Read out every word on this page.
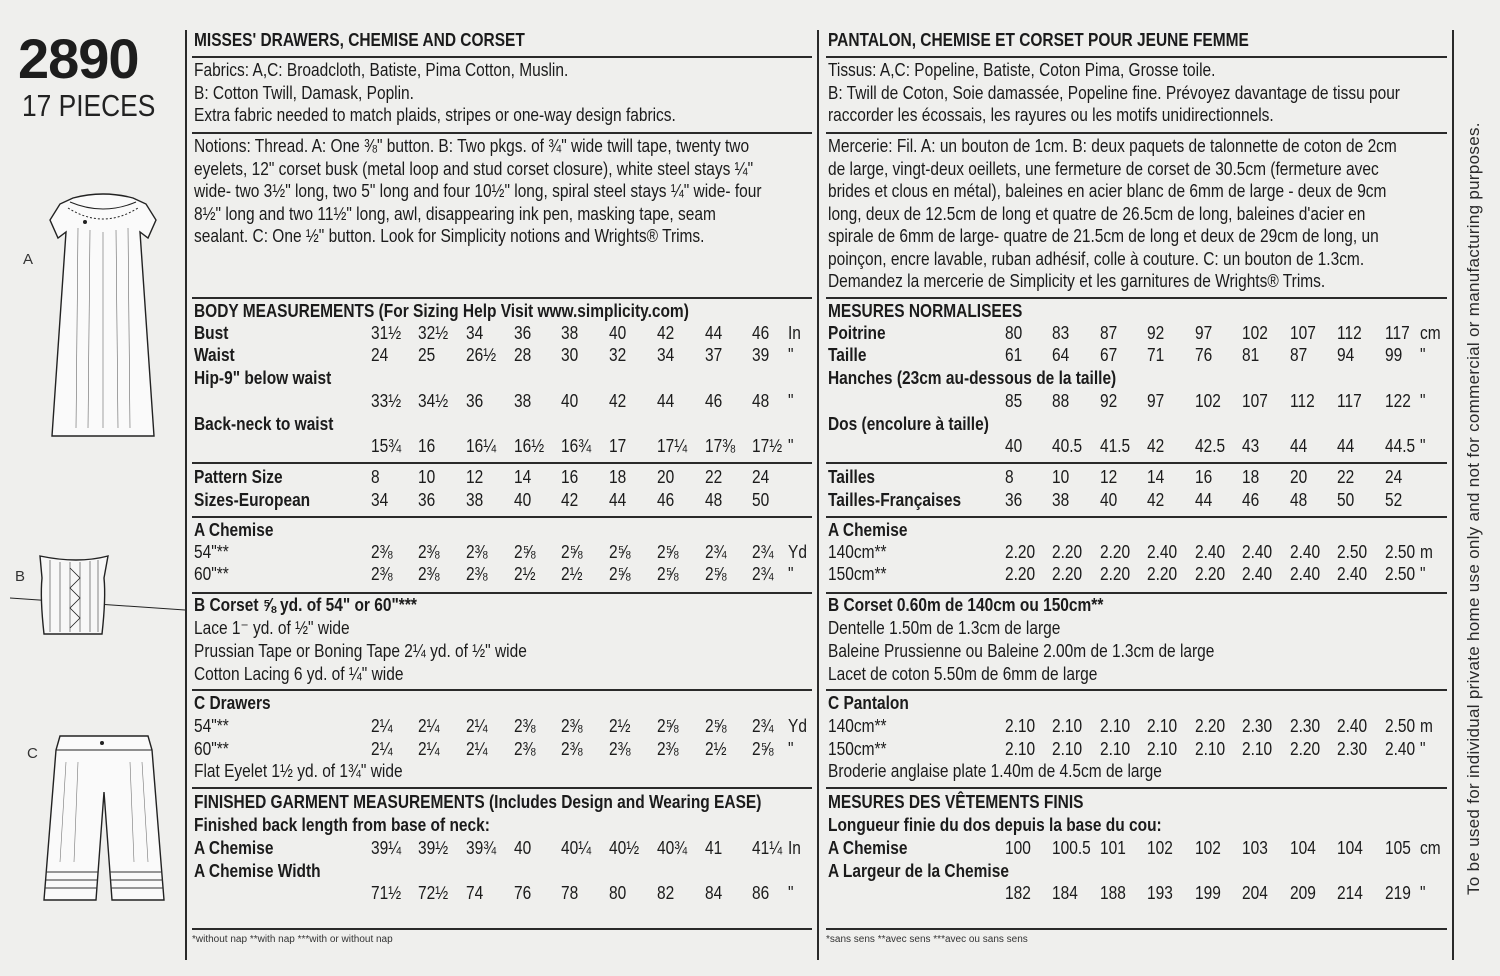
2890
17 PIECES
A
B
C	To be used for individual private home use only and not for commercial or manufacturing purposes.
MISSES' DRAWERS, CHEMISE AND CORSET
Fabrics: A,C: Broadcloth, Batiste, Pima Cotton, Muslin.
B: Cotton Twill, Damask, Poplin.
Extra fabric needed to match plaids, stripes or one-way design fabrics.
Notions: Thread. A: One ⅜" button. B: Two pkgs. of ¾" wide twill tape, twenty two
eyelets, 12" corset busk (metal loop and stud corset closure), white steel stays ¼"
wide- two 3½" long, two 5" long and four 10½" long, spiral steel stays ¼" wide- four
8½" long and two 11½" long, awl, disappearing ink pen, masking tape, seam
sealant. C: One ½" button. Look for Simplicity notions and Wrights® Trims.
BODY MEASUREMENTS (For Sizing Help Visit www.simplicity.com)
Bust	31½ 32½ 34 36 38 40 42 44 46 In
Waist	24 25 26½ 28 30 32 34 37 39 "
Hip-9" below waist
33½ 34½ 36 38 40 42 44 46 48 "
Back-neck to waist
15¾ 16 16¼ 16½ 16¾ 17 17¼ 17⅜ 17½ "
Pattern Size	8 10 12 14 16 18 20 22 24
Sizes-European	34 36 38 40 42 44 46 48 50
A Chemise
54"**	2⅜ 2⅜ 2⅜ 2⅝ 2⅝ 2⅝ 2⅝ 2¾ 2¾ Yd
60"**	2⅜ 2⅜ 2⅜ 2½ 2½ 2⅝ 2⅝ 2⅝ 2¾ "
B Corset ⅝ yd. of 54" or 60"***
Lace 1⁻ yd. of ½" wide
Prussian Tape or Boning Tape 2¼ yd. of ½" wide
Cotton Lacing 6 yd. of ¼" wide
C Drawers
54"**	2¼ 2¼ 2¼ 2⅜ 2⅜ 2½ 2⅝ 2⅝ 2¾ Yd
60"**	2¼ 2¼ 2¼ 2⅜ 2⅜ 2⅜ 2⅜ 2½ 2⅝ "
Flat Eyelet 1½ yd. of 1¾" wide
FINISHED GARMENT MEASUREMENTS (Includes Design and Wearing EASE)
Finished back length from base of neck:
A Chemise	39¼ 39½ 39¾ 40 40¼ 40½ 40¾ 41 41¼ In
A Chemise Width
71½ 72½ 74 76 78 80 82 84 86 "
*without nap **with nap ***with or without nap
PANTALON, CHEMISE ET CORSET POUR JEUNE FEMME
Tissus: A,C: Popeline, Batiste, Coton Pima, Grosse toile.
B: Twill de Coton, Soie damassée, Popeline fine. Prévoyez davantage de tissu pour
raccorder les écossais, les rayures ou les motifs unidirectionnels.
Mercerie: Fil. A: un bouton de 1cm. B: deux paquets de talonnette de coton de 2cm
de large, vingt-deux oeillets, une fermeture de corset de 30.5cm (fermeture avec
brides et clous en métal), baleines en acier blanc de 6mm de large - deux de 9cm
long, deux de 12.5cm de long et quatre de 26.5cm de long, baleines d'acier en
spirale de 6mm de large- quatre de 21.5cm de long et deux de 29cm de long, un
poinçon, encre lavable, ruban adhésif, colle à couture. C: un bouton de 1.3cm.
Demandez la mercerie de Simplicity et les garnitures de Wrights® Trims.
MESURES NORMALISEES
Poitrine	80 83 87 92 97 102 107 112 117 cm
Taille	61 64 67 71 76 81 87 94 99 "
Hanches (23cm au-dessous de la taille)
85 88 92 97 102 107 112 117 122 "
Dos (encolure à taille)
40 40.5 41.5 42 42.5 43 44 44 44.5 "
Tailles	8 10 12 14 16 18 20 22 24
Tailles-Françaises 36 38 40 42 44 46 48 50 52
A Chemise
140cm**	2.20 2.20 2.20 2.40 2.40 2.40 2.40 2.50 2.50 m
150cm**	2.20 2.20 2.20 2.20 2.20 2.40 2.40 2.40 2.50 "
B Corset 0.60m de 140cm ou 150cm**
Dentelle 1.50m de 1.3cm de large
Baleine Prussienne ou Baleine 2.00m de 1.3cm de large
Lacet de coton 5.50m de 6mm de large
C Pantalon
140cm**	2.10 2.10 2.10 2.10 2.20 2.30 2.30 2.40 2.50 m
150cm**	2.10 2.10 2.10 2.10 2.10 2.10 2.20 2.30 2.40 "
Broderie anglaise plate 1.40m de 4.5cm de large
MESURES DES VÊTEMENTS FINIS
Longueur finie du dos depuis la base du cou:
A Chemise	100 100.5 101 102 102 103 104 104 105 cm
A Largeur de la Chemise
182 184 188 193 199 204 209 214 219 "
*sans sens **avec sens ***avec ou sans sens
